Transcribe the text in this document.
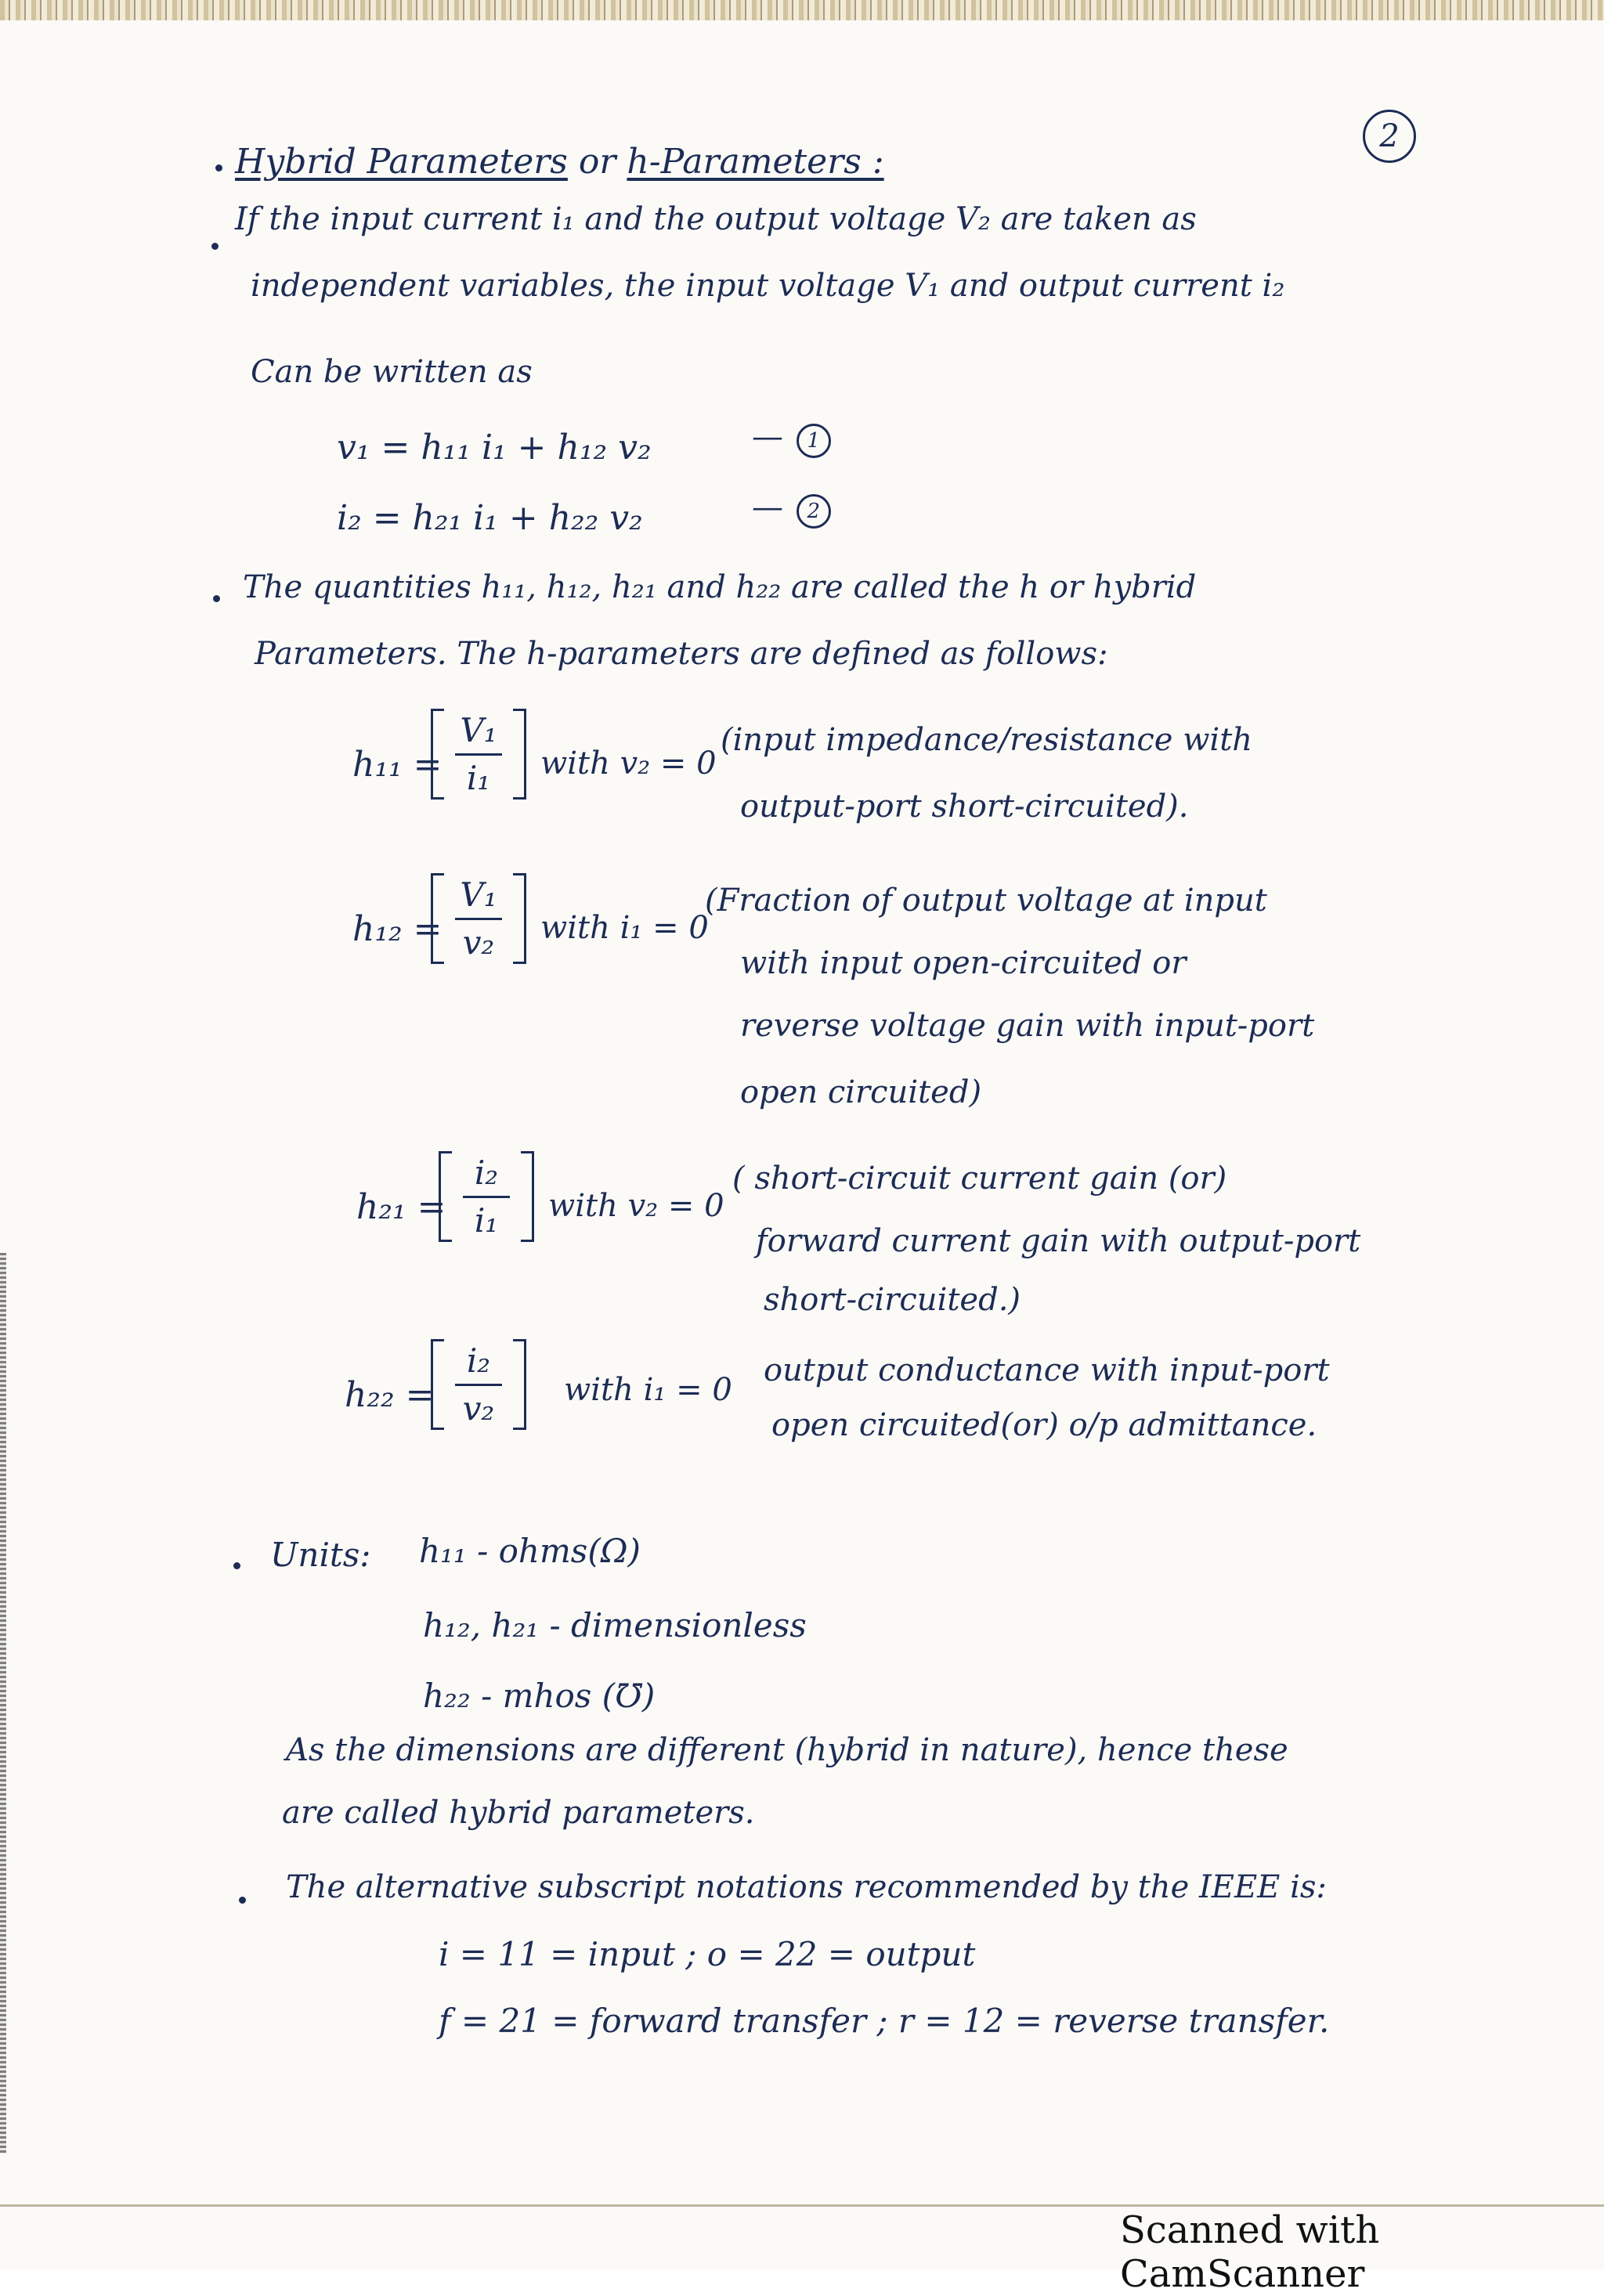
2
Hybrid Parameters or h-Parameters :
If the input current i₁ and the output voltage V₂ are taken as
independent variables, the input voltage V₁ and output current i₂
Can be written as
v₁ = h₁₁ i₁ + h₁₂ v₂	— 1
i₂ = h₂₁ i₁ + h₂₂ v₂	— 2
The quantities h₁₁, h₁₂, h₂₁ and h₂₂ are called the h or hybrid
Parameters. The h-parameters are defined as follows:
$h_{11} = \frac{\text{V₁}}{\text{i₁}}$ with v₂ = 0
(input impedance/resistance with
output-port short-circuited).
$h_{12} = \frac{\text{V₁}}{\text{v₂}}$ with i₁ = 0
(Fraction of output voltage at input
with input open-circuited or
reverse voltage gain with input-port
open circuited)
$h_{21} = \frac{\text{i₂}}{\text{i₁}}$ with v₂ = 0
( short-circuit current gain (or)
forward current gain with output-port
short-circuited.)
$h_{22} = \frac{\text{i₂}}{\text{v₂}}$ with i₁ = 0
output conductance with input-port
open circuited(or) o/p admittance.
Units: h₁₁ - ohms(Ω)
h₁₂, h₂₁ - dimensionless
h₂₂ - mhos (℧)
As the dimensions are different (hybrid in nature), hence these
are called hybrid parameters.
The alternative subscript notations recommended by the IEEE is:
i = 11 = input ; o = 22 = output
f = 21 = forward transfer ; r = 12 = reverse transfer.
Scanned with CamScanner
